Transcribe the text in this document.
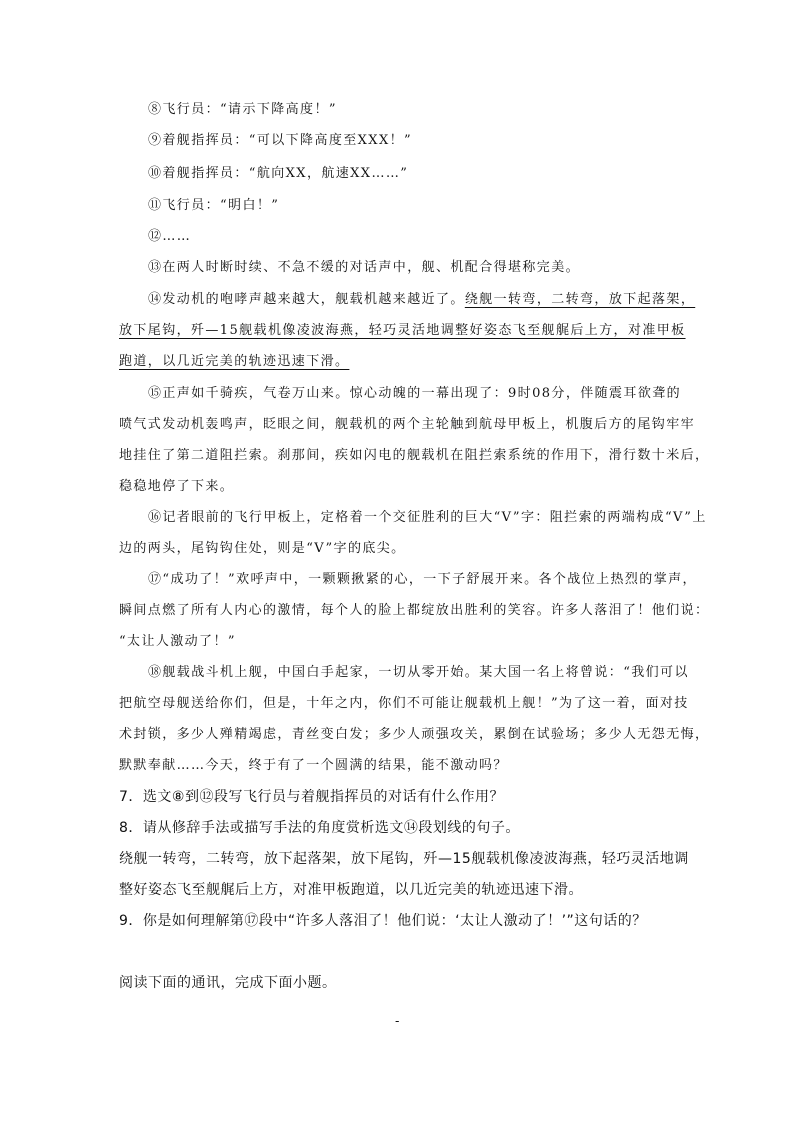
⑧飞行员：“请示下降高度！”
⑨着舰指挥员：“可以下降高度至XXX！”
⑩着舰指挥员：“航向XX，航速XX……”
⑪飞行员：“明白！”
⑫……
⑬在两人时断时续、不急不缓的对话声中，舰、机配合得堪称完美。
⑭发动机的咆哮声越来越大，舰载机越来越近了。绕舰一转弯，二转弯，放下起落架，
放下尾钩，歼—15舰载机像凌波海燕，轻巧灵活地调整好姿态飞至舰艉后上方，对准甲板
跑道，以几近完美的轨迹迅速下滑。
⑮正声如千骑疾，气卷万山来。惊心动魄的一幕出现了：9时08分，伴随震耳欲聋的
喷气式发动机轰鸣声，眨眼之间，舰载机的两个主轮触到航母甲板上，机腹后方的尾钩牢牢
地挂住了第二道阻拦索。刹那间，疾如闪电的舰载机在阻拦索系统的作用下，滑行数十米后，
稳稳地停了下来。
⑯记者眼前的飞行甲板上，定格着一个交征胜利的巨大“V”字：阻拦索的两端构成“V”上
边的两头，尾钩钩住处，则是“V”字的底尖。
⑰“成功了！”欢呼声中，一颗颗揪紧的心，一下子舒展开来。各个战位上热烈的掌声，
瞬间点燃了所有人内心的激情，每个人的脸上都绽放出胜利的笑容。许多人落泪了！他们说：
“太让人激动了！”
⑱舰载战斗机上舰，中国白手起家，一切从零开始。某大国一名上将曾说：“我们可以
把航空母舰送给你们，但是，十年之内，你们不可能让舰载机上舰！”为了这一着，面对技
术封锁，多少人殚精竭虑，青丝变白发；多少人顽强攻关，累倒在试验场；多少人无怨无悔，
默默奉献……今天，终于有了一个圆满的结果，能不激动吗？
7．选文⑧到⑫段写飞行员与着舰指挥员的对话有什么作用？
8．请从修辞手法或描写手法的角度赏析选文⑭段划线的句子。
绕舰一转弯，二转弯，放下起落架，放下尾钩，歼—15舰载机像凌波海燕，轻巧灵活地调
整好姿态飞至舰艉后上方，对准甲板跑道，以几近完美的轨迹迅速下滑。
9．你是如何理解第⑰段中“许多人落泪了！他们说：‘太让人激动了！’”这句话的？
阅读下面的通讯，完成下面小题。
-
